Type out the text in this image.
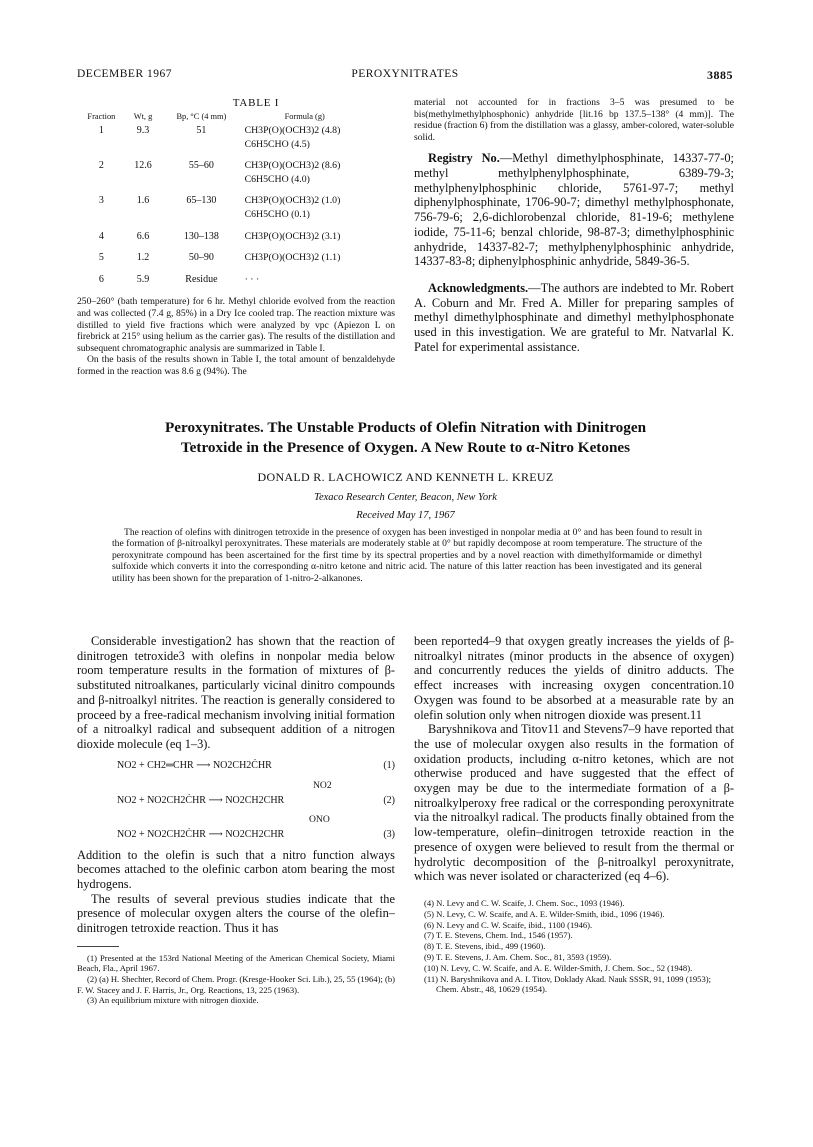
DECEMBER 1967	PEROXYNITRATES	3885
TABLE I
Fraction	Wt, g	Bp, °C (4 mm)	Formula (g)
1	9.3	51	CH3P(O)(OCH3)2 (4.8)
			C6H5CHO (4.5)
2	12.6	55–60	CH3P(O)(OCH3)2 (8.6)
			C6H5CHO (4.0)
3	1.6	65–130	CH3P(O)(OCH3)2 (1.0)
			C6H5CHO (0.1)
4	6.6	130–138	CH3P(O)(OCH3)2 (3.1)
5	1.2	50–90	CH3P(O)(OCH3)2 (1.1)
6	5.9	Residue	· · ·

250–260° (bath temperature) for 6 hr. Methyl chloride evolved from the reaction and was collected (7.4 g, 85%) in a Dry Ice cooled trap. The reaction mixture was distilled to yield five fractions which were analyzed by vpc (Apiezon L on firebrick at 215° using helium as the carrier gas). The results of the distillation and subsequent chromatographic analysis are summarized in Table I.

On the basis of the results shown in Table I, the total amount of benzaldehyde formed in the reaction was 8.6 g (94%). The

material not accounted for in fractions 3–5 was presumed to be bis(methylmethylphosphonic) anhydride [lit.16 bp 137.5–138° (4 mm)]. The residue (fraction 6) from the distillation was a glassy, amber-colored, water-soluble solid.

Registry No.—Methyl dimethylphosphinate, 14337-77-0; methyl methylphenylphosphinate, 6389-79-3; methylphenylphosphinic chloride, 5761-97-7; methyl diphenylphosphinate, 1706-90-7; dimethyl methylphosphonate, 756-79-6; 2,6-dichlorobenzal chloride, 81-19-6; methylene iodide, 75-11-6; benzal chloride, 98-87-3; dimethylphosphinic anhydride, 14337-82-7; methylphenylphosphinic anhydride, 14337-83-8; diphenylphosphinic anhydride, 5849-36-5.

Acknowledgments.—The authors are indebted to Mr. Robert A. Coburn and Mr. Fred A. Miller for preparing samples of methyl dimethylphosphinate and dimethyl methylphosphonate used in this investigation. We are grateful to Mr. Natvarlal K. Patel for experimental assistance.

Peroxynitrates. The Unstable Products of Olefin Nitration with Dinitrogen
Tetroxide in the Presence of Oxygen. A New Route to α-Nitro Ketones

DONALD R. LACHOWICZ AND KENNETH L. KREUZ
Texaco Research Center, Beacon, New York
Received May 17, 1967

The reaction of olefins with dinitrogen tetroxide in the presence of oxygen has been investiged in nonpolar media at 0° and has been found to result in the formation of β-nitroalkyl peroxynitrates. These materials are moderately stable at 0° but rapidly decompose at room temperature. The structure of the peroxynitrate compound has been ascertained for the first time by its spectral properties and by a novel reaction with dimethylformamide or dimethyl sulfoxide which converts it into the corresponding α-nitro ketone and nitric acid. The nature of this latter reaction has been investigated and its general utility has been shown for the preparation of 1-nitro-2-alkanones.

Considerable investigation2 has shown that the reaction of dinitrogen tetroxide3 with olefins in nonpolar media below room temperature results in the formation of mixtures of β-substituted nitroalkanes, particularly vicinal dinitro compounds and β-nitroalkyl nitrites. The reaction is generally considered to proceed by a free-radical mechanism involving initial formation of a nitroalkyl radical and subsequent addition of a nitrogen dioxide molecule (eq 1–3).

NO2 + CH2═CHR ⟶ NO2CH2ĊHR	(1)
NO2
NO2 + NO2CH2ĊHR ⟶ NO2CH2CHR	(2)
ONO
NO2 + NO2CH2ĊHR ⟶ NO2CH2CHR	(3)

Addition to the olefin is such that a nitro function always becomes attached to the olefinic carbon atom bearing the most hydrogens.

The results of several previous studies indicate that the presence of molecular oxygen alters the course of the olefin–dinitrogen tetroxide reaction. Thus it has

(1) Presented at the 153rd National Meeting of the American Chemical Society, Miami Beach, Fla., April 1967.

(2) (a) H. Shechter, Record of Chem. Progr. (Kresge-Hooker Sci. Lib.), 25, 55 (1964); (b) F. W. Stacey and J. F. Harris, Jr., Org. Reactions, 13, 225 (1963).

(3) An equilibrium mixture with nitrogen dioxide.

been reported4–9 that oxygen greatly increases the yields of β-nitroalkyl nitrates (minor products in the absence of oxygen) and concurrently reduces the yields of dinitro adducts. The effect increases with increasing oxygen concentration.10 Oxygen was found to be absorbed at a measurable rate by an olefin solution only when nitrogen dioxide was present.11

Baryshnikova and Titov11 and Stevens7–9 have reported that the use of molecular oxygen also results in the formation of oxidation products, including α-nitro ketones, which are not otherwise produced and have suggested that the effect of oxygen may be due to the intermediate formation of a β-nitroalkylperoxy free radical or the corresponding peroxynitrate via the nitroalkyl radical. The products finally obtained from the low-temperature, olefin–dinitrogen tetroxide reaction in the presence of oxygen were believed to result from the thermal or hydrolytic decomposition of the β-nitroalkyl peroxynitrate, which was never isolated or characterized (eq 4–6).

(4) N. Levy and C. W. Scaife, J. Chem. Soc., 1093 (1946).
(5) N. Levy, C. W. Scaife, and A. E. Wilder-Smith, ibid., 1096 (1946).
(6) N. Levy and C. W. Scaife, ibid., 1100 (1946).
(7) T. E. Stevens, Chem. Ind., 1546 (1957).
(8) T. E. Stevens, ibid., 499 (1960).
(9) T. E. Stevens, J. Am. Chem. Soc., 81, 3593 (1959).
(10) N. Levy, C. W. Scaife, and A. E. Wilder-Smith, J. Chem. Soc., 52 (1948).
(11) N. Baryshnikova and A. I. Titov, Doklady Akad. Nauk SSSR, 91, 1099 (1953); Chem. Abstr., 48, 10629 (1954).
